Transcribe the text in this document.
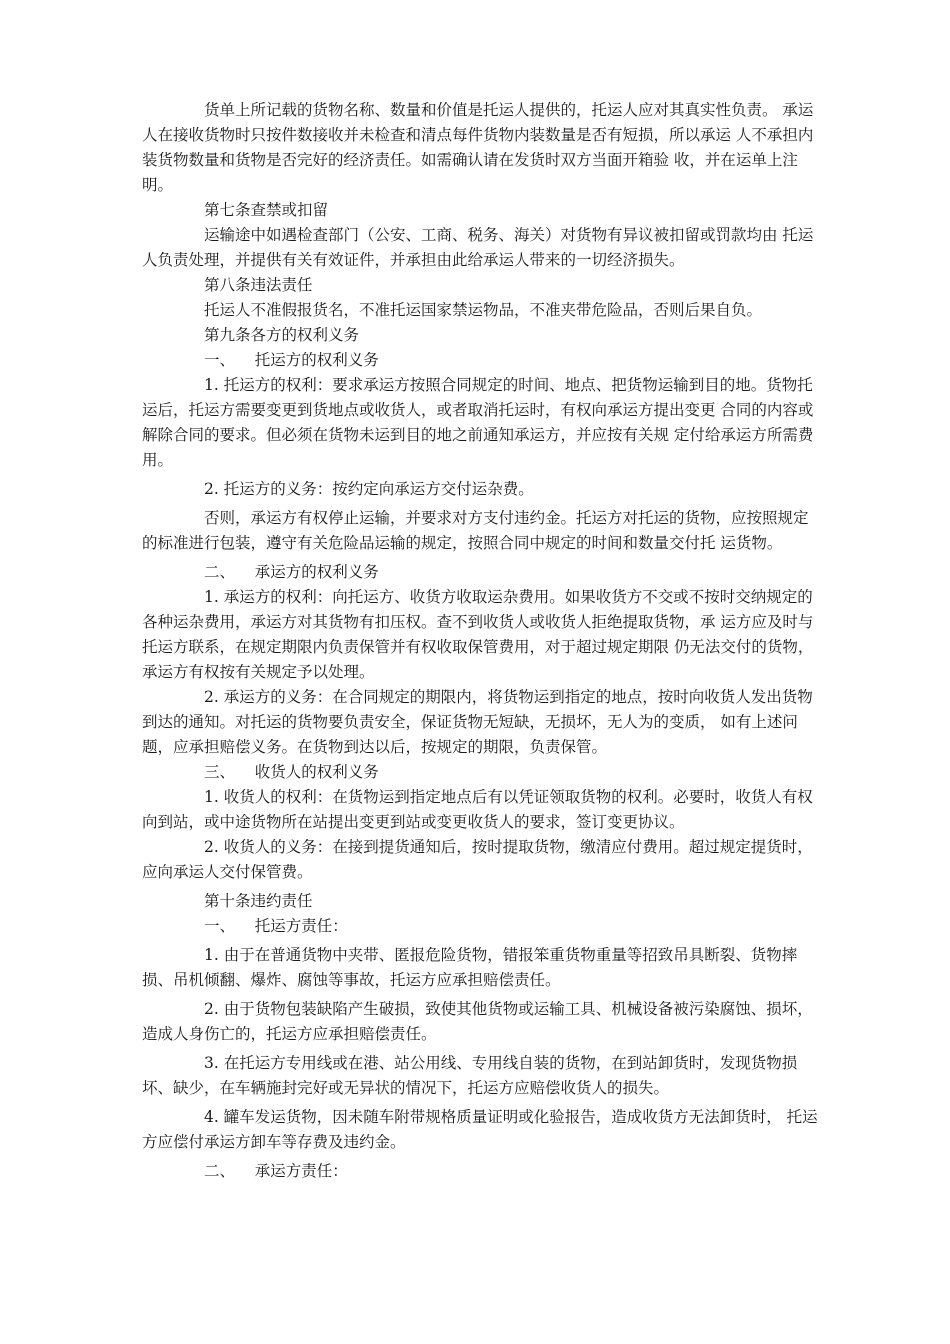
货单上所记载的货物名称、数量和价值是托运人提供的，托运人应对其真实性负责。 承运人在接收货物时只按件数接收并未检查和清点每件货物内装数量是否有短损，所以承运 人不承担内装货物数量和货物是否完好的经济责任。如需确认请在发货时双方当面开箱验 收，并在运单上注明。

第七条查禁或扣留

运输途中如遇检查部门（公安、工商、税务、海关）对货物有异议被扣留或罚款均由 托运人负责处理，并提供有关有效证件，并承担由此给承运人带来的一切经济损失。

第八条违法责任

托运人不准假报货名，不准托运国家禁运物品，不准夹带危险品，否则后果自负。

第九条各方的权利义务

一、    托运方的权利义务

1. 托运方的权利：要求承运方按照合同规定的时间、地点、把货物运输到目的地。货物托运后，托运方需要变更到货地点或收货人，或者取消托运时，有权向承运方提出变更 合同的内容或解除合同的要求。但必须在货物未运到目的地之前通知承运方，并应按有关规 定付给承运方所需费用。

2. 托运方的义务：按约定向承运方交付运杂费。

否则，承运方有权停止运输，并要求对方支付违约金。托运方对托运的货物，应按照规定的标准进行包装，遵守有关危险品运输的规定，按照合同中规定的时间和数量交付托 运货物。

二、    承运方的权利义务

1. 承运方的权利：向托运方、收货方收取运杂费用。如果收货方不交或不按时交纳规定的各种运杂费用，承运方对其货物有扣压权。查不到收货人或收货人拒绝提取货物，承 运方应及时与托运方联系，在规定期限内负责保管并有权收取保管费用，对于超过规定期限 仍无法交付的货物，承运方有权按有关规定予以处理。

2. 承运方的义务：在合同规定的期限内，将货物运到指定的地点，按时向收货人发出货物到达的通知。对托运的货物要负责安全，保证货物无短缺，无损坏，无人为的变质， 如有上述问题，应承担赔偿义务。在货物到达以后，按规定的期限，负责保管。

三、    收货人的权利义务

1. 收货人的权利：在货物运到指定地点后有以凭证领取货物的权利。必要时，收货人有权向到站，或中途货物所在站提出变更到站或变更收货人的要求，签订变更协议。

2. 收货人的义务：在接到提货通知后，按时提取货物，缴清应付费用。超过规定提货时，应向承运人交付保管费。

第十条违约责任

一、    托运方责任：

1. 由于在普通货物中夹带、匿报危险货物，错报笨重货物重量等招致吊具断裂、货物摔损、吊机倾翻、爆炸、腐蚀等事故，托运方应承担赔偿责任。

2. 由于货物包装缺陷产生破损，致使其他货物或运输工具、机械设备被污染腐蚀、损坏，造成人身伤亡的，托运方应承担赔偿责任。

3. 在托运方专用线或在港、站公用线、专用线自装的货物，在到站卸货时，发现货物损坏、缺少，在车辆施封完好或无异状的情况下，托运方应赔偿收货人的损失。

4. 罐车发运货物，因未随车附带规格质量证明或化验报告，造成收货方无法卸货时， 托运方应偿付承运方卸车等存费及违约金。

二、    承运方责任：
